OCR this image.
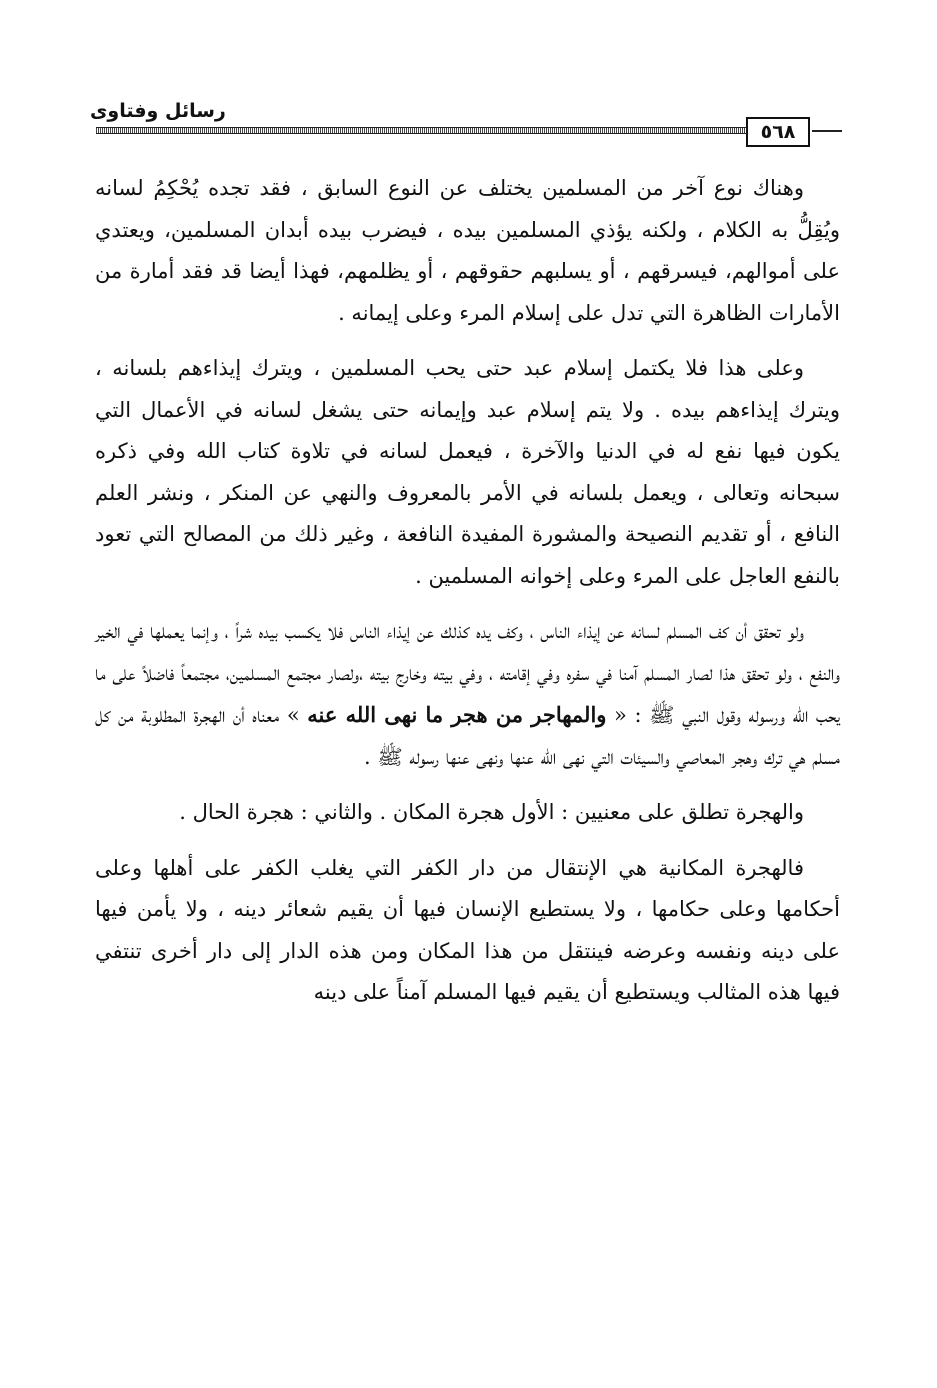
رسائل وفتاوى
٥٦٨

وهناك نوع آخر من المسلمين يختلف عن النوع السابق ، فقد تجده يُحْكِمُ لسانه ويُقِلُّ به الكلام ، ولكنه يؤذي المسلمين بيده ، فيضرب بيده أبدان المسلمين، ويعتدي على أموالهم، فيسرقهم ، أو يسلبهم حقوقهم ، أو يظلمهم، فهذا أيضا قد فقد أمارة من الأمارات الظاهرة التي تدل على إسلام المرء وعلى إيمانه .

وعلى هذا فلا يكتمل إسلام عبد حتى يحب المسلمين ، ويترك إيذاءهم بلسانه ، ويترك إيذاءهم بيده . ولا يتم إسلام عبد وإيمانه حتى يشغل لسانه في الأعمال التي يكون فيها نفع له في الدنيا والآخرة ، فيعمل لسانه في تلاوة كتاب الله وفي ذكره سبحانه وتعالى ، ويعمل بلسانه في الأمر بالمعروف والنهي عن المنكر ، ونشر العلم النافع ، أو تقديم النصيحة والمشورة المفيدة النافعة ، وغير ذلك من المصالح التي تعود بالنفع العاجل على المرء وعلى إخوانه المسلمين .

ولو تحقق أن كف المسلم لسانه عن إيذاء الناس ، وكف يده كذلك عن إيذاء الناس فلا يكسب بيده شراً ، وإنما يعملها في الخير والنفع ، ولو تحقق هذا لصار المسلم آمنا في سفره وفي إقامته ، وفي بيته وخارج بيته ،ولصار مجتمع المسلمين، مجتمعاً فاضلاً على ما يحب الله ورسوله وقول النبي ﷺ : « والمهاجر من هجر ما نهى الله عنه » معناه أن الهجرة المطلوبة من كل مسلم هي ترك وهجر المعاصي والسيئات التي نهى الله عنها ونهى عنها رسوله ﷺ .

والهجرة تطلق على معنيين : الأول هجرة المكان . والثاني : هجرة الحال .

فالهجرة المكانية هي الإنتقال من دار الكفر التي يغلب الكفر على أهلها وعلى أحكامها وعلى حكامها ، ولا يستطيع الإنسان فيها أن يقيم شعائر دينه ، ولا يأمن فيها على دينه ونفسه وعرضه فينتقل من هذا المكان ومن هذه الدار إلى دار أخرى تنتفي فيها هذه المثالب ويستطيع أن يقيم فيها المسلم آمناً على دينه
